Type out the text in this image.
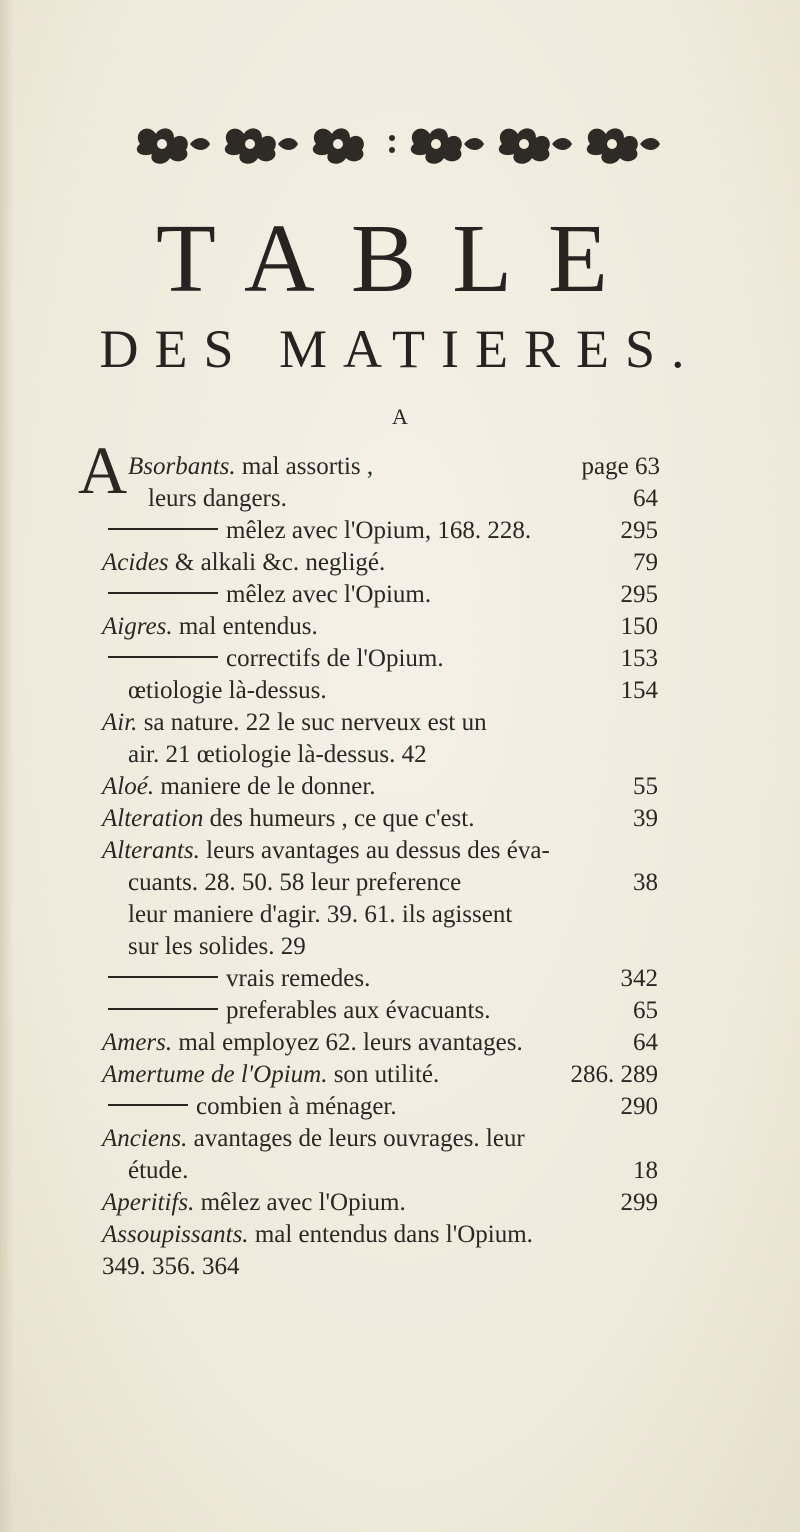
TABLE
DES MATIERES.
A
A Bsorbants. mal assortis ,	page 63
leurs dangers.	64
mêlez avec l'Opium, 168. 228.	295
Acides & alkali &c. negligé.	79
mêlez avec l'Opium.	295
Aigres. mal entendus.	150
correctifs de l'Opium.	153
œtiologie là-dessus.	154
Air. sa nature. 22 le suc nerveux est un
air. 21 œtiologie là-dessus. 42
Aloé. maniere de le donner.	55
Alteration des humeurs , ce que c'est.	39
Alterants. leurs avantages au dessus des éva-
cuants. 28. 50. 58 leur preference	38
leur maniere d'agir. 39. 61. ils agissent
sur les solides. 29
vrais remedes.	342
preferables aux évacuants.	65
Amers. mal employez 62. leurs avantages.	64
Amertume de l'Opium. son utilité.	286. 289
combien à ménager.	290
Anciens. avantages de leurs ouvrages. leur
étude.	18
Aperitifs. mêlez avec l'Opium.	299
Assoupissants. mal entendus dans l'Opium.
349. 356. 364
